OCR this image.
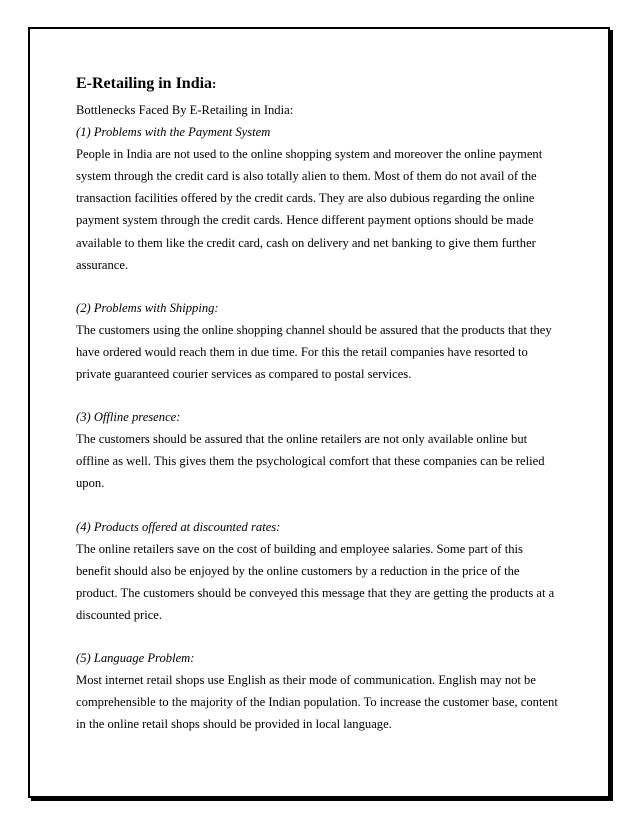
E-Retailing in India:

Bottlenecks Faced By E-Retailing in India:

(1) Problems with the Payment System

People in India are not used to the online shopping system and moreover the online payment
system through the credit card is also totally alien to them. Most of them do not avail of the
transaction facilities offered by the credit cards. They are also dubious regarding the online
payment system through the credit cards. Hence different payment options should be made
available to them like the credit card, cash on delivery and net banking to give them further
assurance.

(2) Problems with Shipping:

The customers using the online shopping channel should be assured that the products that they
have ordered would reach them in due time. For this the retail companies have resorted to
private guaranteed courier services as compared to postal services.

(3) Offline presence:

The customers should be assured that the online retailers are not only available online but
offline as well. This gives them the psychological comfort that these companies can be relied
upon.

(4) Products offered at discounted rates:

The online retailers save on the cost of building and employee salaries. Some part of this
benefit should also be enjoyed by the online customers by a reduction in the price of the
product. The customers should be conveyed this message that they are getting the products at a
discounted price.

(5) Language Problem:

Most internet retail shops use English as their mode of communication. English may not be
comprehensible to the majority of the Indian population. To increase the customer base, content
in the online retail shops should be provided in local language.
